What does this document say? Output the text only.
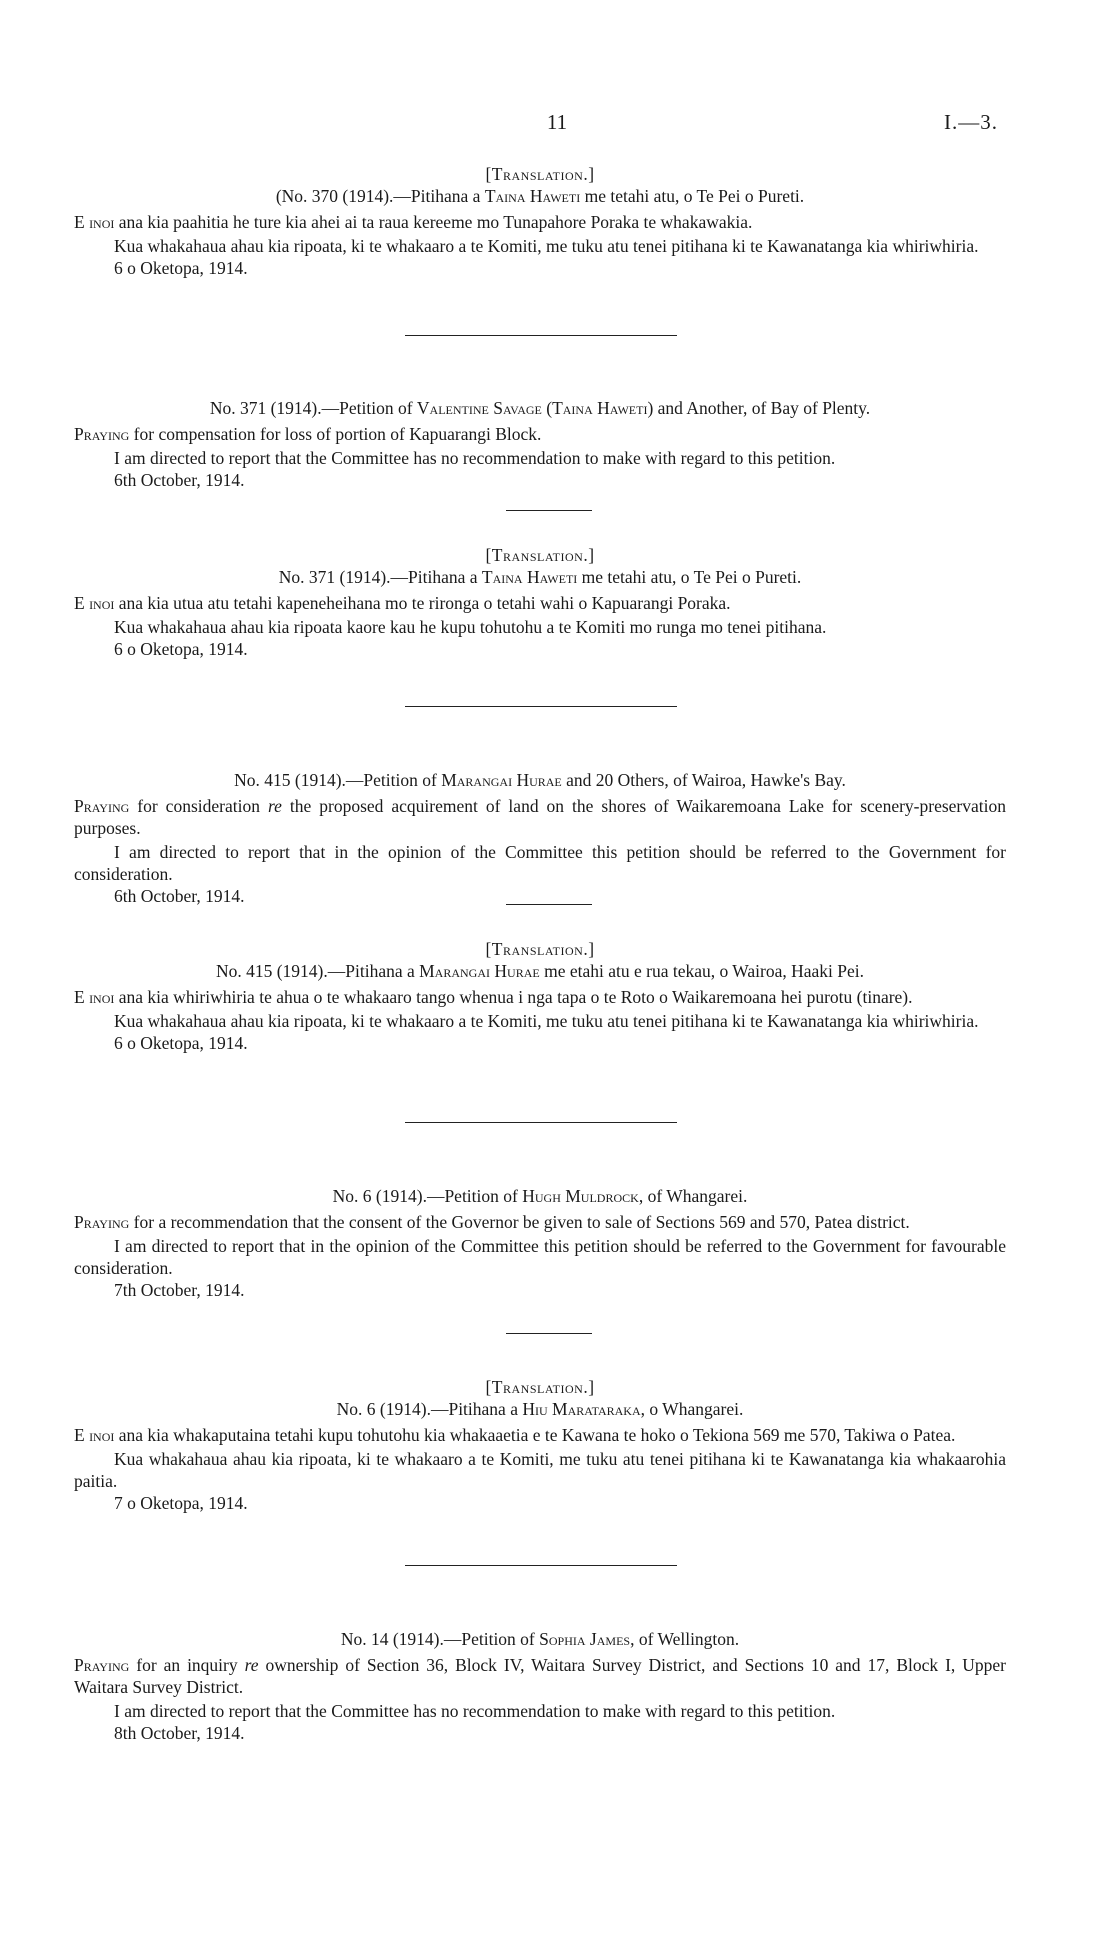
11	I.—3.
[Translation.]
(No. 370 (1914).—Pitihana a Taina Haweti me tetahi atu, o Te Pei o Pureti.

E inoi ana kia paahitia he ture kia ahei ai ta raua kereeme mo Tunapahore Poraka te whakawakia.

Kua whakahaua ahau kia ripoata, ki te whakaaro a te Komiti, me tuku atu tenei pitihana ki te Kawanatanga kia whiriwhiria.

6 o Oketopa, 1914.
No. 371 (1914).—Petition of Valentine Savage (Taina Haweti) and Another, of Bay of Plenty.

Praying for compensation for loss of portion of Kapuarangi Block.

I am directed to report that the Committee has no recommendation to make with regard to this petition.

6th October, 1914.
[Translation.]
No. 371 (1914).—Pitihana a Taina Haweti me tetahi atu, o Te Pei o Pureti.

E inoi ana kia utua atu tetahi kapeneheihana mo te rironga o tetahi wahi o Kapuarangi Poraka.

Kua whakahaua ahau kia ripoata kaore kau he kupu tohutohu a te Komiti mo runga mo tenei pitihana.

6 o Oketopa, 1914.
No. 415 (1914).—Petition of Marangai Hurae and 20 Others, of Wairoa, Hawke's Bay.

Praying for consideration re the proposed acquirement of land on the shores of Waikaremoana Lake for scenery-preservation purposes.

I am directed to report that in the opinion of the Committee this petition should be referred to the Government for consideration.

6th October, 1914.
[Translation.]
No. 415 (1914).—Pitihana a Marangai Hurae me etahi atu e rua tekau, o Wairoa, Haaki Pei.

E inoi ana kia whiriwhiria te ahua o te whakaaro tango whenua i nga tapa o te Roto o Waikaremoana hei purotu (tinare).

Kua whakahaua ahau kia ripoata, ki te whakaaro a te Komiti, me tuku atu tenei pitihana ki te Kawanatanga kia whiriwhiria.

6 o Oketopa, 1914.
No. 6 (1914).—Petition of Hugh Muldrock, of Whangarei.

Praying for a recommendation that the consent of the Governor be given to sale of Sections 569 and 570, Patea district.

I am directed to report that in the opinion of the Committee this petition should be referred to the Government for favourable consideration.

7th October, 1914.
[Translation.]
No. 6 (1914).—Pitihana a Hiu Marataraka, o Whangarei.

E inoi ana kia whakaputaina tetahi kupu tohutohu kia whakaaetia e te Kawana te hoko o Tekiona 569 me 570, Takiwa o Patea.

Kua whakahaua ahau kia ripoata, ki te whakaaro a te Komiti, me tuku atu tenei pitihana ki te Kawanatanga kia whakaarohia paitia.

7 o Oketopa, 1914.
No. 14 (1914).—Petition of Sophia James, of Wellington.

Praying for an inquiry re ownership of Section 36, Block IV, Waitara Survey District, and Sections 10 and 17, Block I, Upper Waitara Survey District.

I am directed to report that the Committee has no recommendation to make with regard to this petition.

8th October, 1914.
